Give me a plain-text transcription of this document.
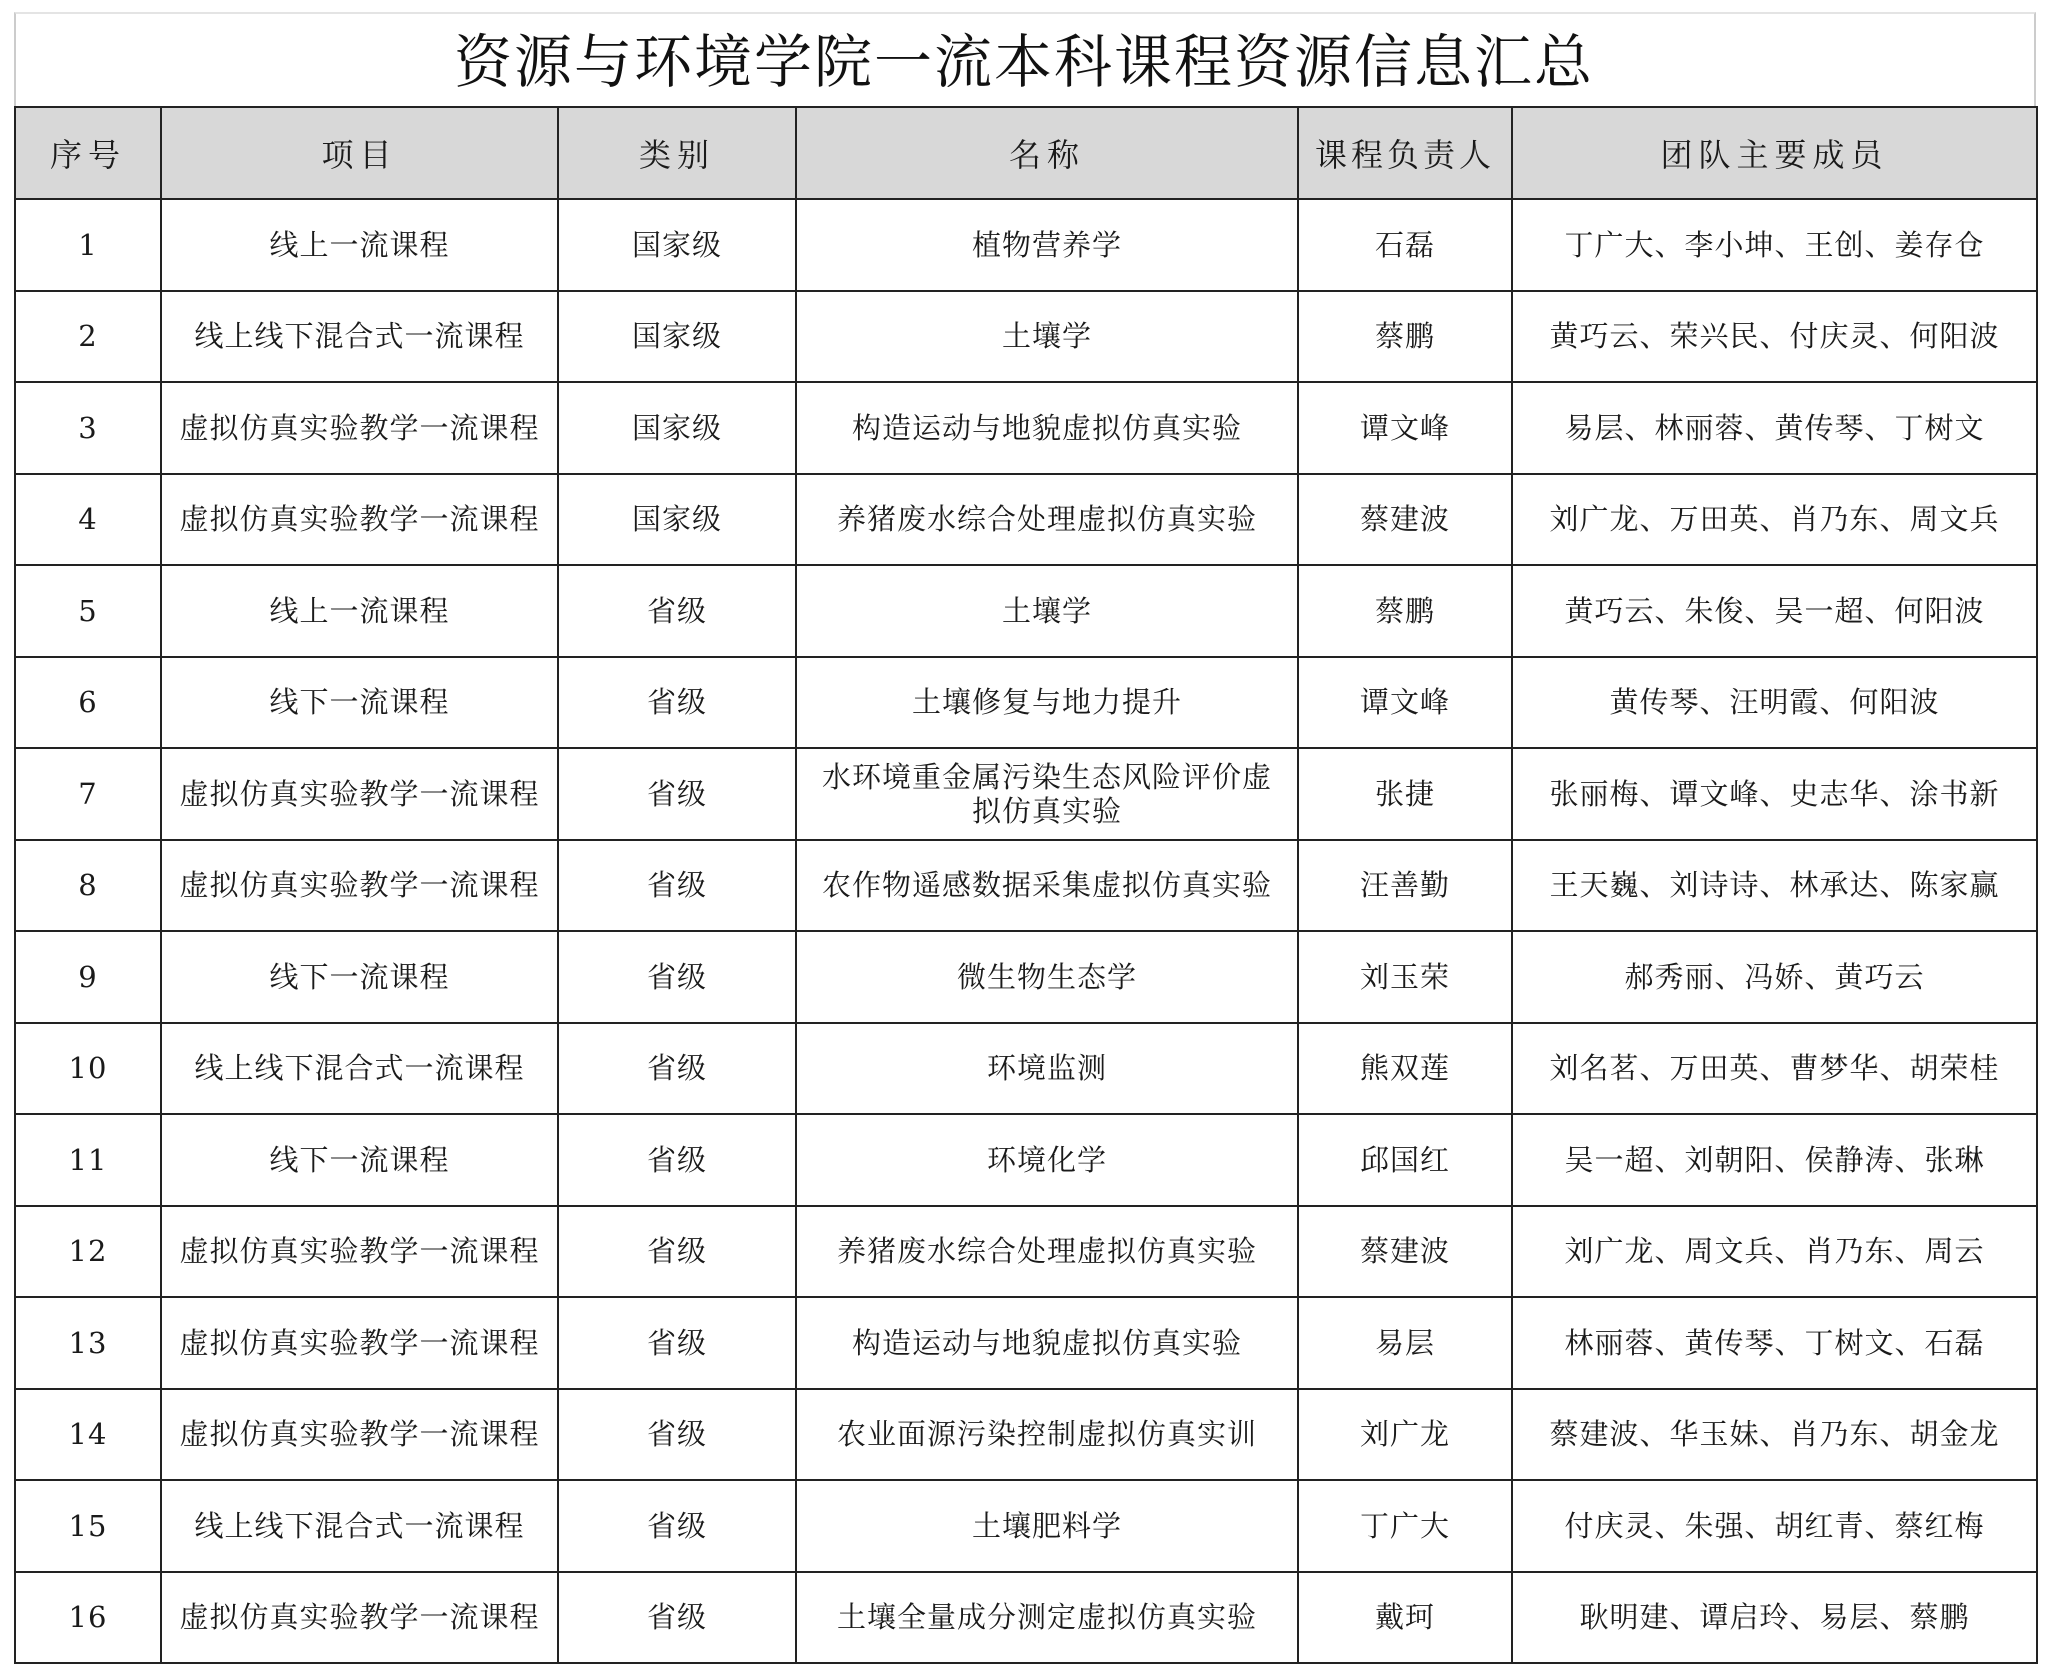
资源与环境学院一流本科课程资源信息汇总
序号	项目	类别	名称	课程负责人	团队主要成员
1	线上一流课程	国家级	植物营养学	石磊	丁广大、李小坤、王创、姜存仓
2	线上线下混合式一流课程	国家级	土壤学	蔡鹏	黄巧云、荣兴民、付庆灵、何阳波
3	虚拟仿真实验教学一流课程	国家级	构造运动与地貌虚拟仿真实验	谭文峰	易层、林丽蓉、黄传琴、丁树文
4	虚拟仿真实验教学一流课程	国家级	养猪废水综合处理虚拟仿真实验	蔡建波	刘广龙、万田英、肖乃东、周文兵
5	线上一流课程	省级	土壤学	蔡鹏	黄巧云、朱俊、吴一超、何阳波
6	线下一流课程	省级	土壤修复与地力提升	谭文峰	黄传琴、汪明霞、何阳波
7	虚拟仿真实验教学一流课程	省级	水环境重金属污染生态风险评价虚拟仿真实验	张捷	张丽梅、谭文峰、史志华、涂书新
8	虚拟仿真实验教学一流课程	省级	农作物遥感数据采集虚拟仿真实验	汪善勤	王天巍、刘诗诗、林承达、陈家赢
9	线下一流课程	省级	微生物生态学	刘玉荣	郝秀丽、冯娇、黄巧云
10	线上线下混合式一流课程	省级	环境监测	熊双莲	刘名茗、万田英、曹梦华、胡荣桂
11	线下一流课程	省级	环境化学	邱国红	吴一超、刘朝阳、侯静涛、张琳
12	虚拟仿真实验教学一流课程	省级	养猪废水综合处理虚拟仿真实验	蔡建波	刘广龙、周文兵、肖乃东、周云
13	虚拟仿真实验教学一流课程	省级	构造运动与地貌虚拟仿真实验	易层	林丽蓉、黄传琴、丁树文、石磊
14	虚拟仿真实验教学一流课程	省级	农业面源污染控制虚拟仿真实训	刘广龙	蔡建波、华玉妹、肖乃东、胡金龙
15	线上线下混合式一流课程	省级	土壤肥料学	丁广大	付庆灵、朱强、胡红青、蔡红梅
16	虚拟仿真实验教学一流课程	省级	土壤全量成分测定虚拟仿真实验	戴珂	耿明建、谭启玲、易层、蔡鹏
